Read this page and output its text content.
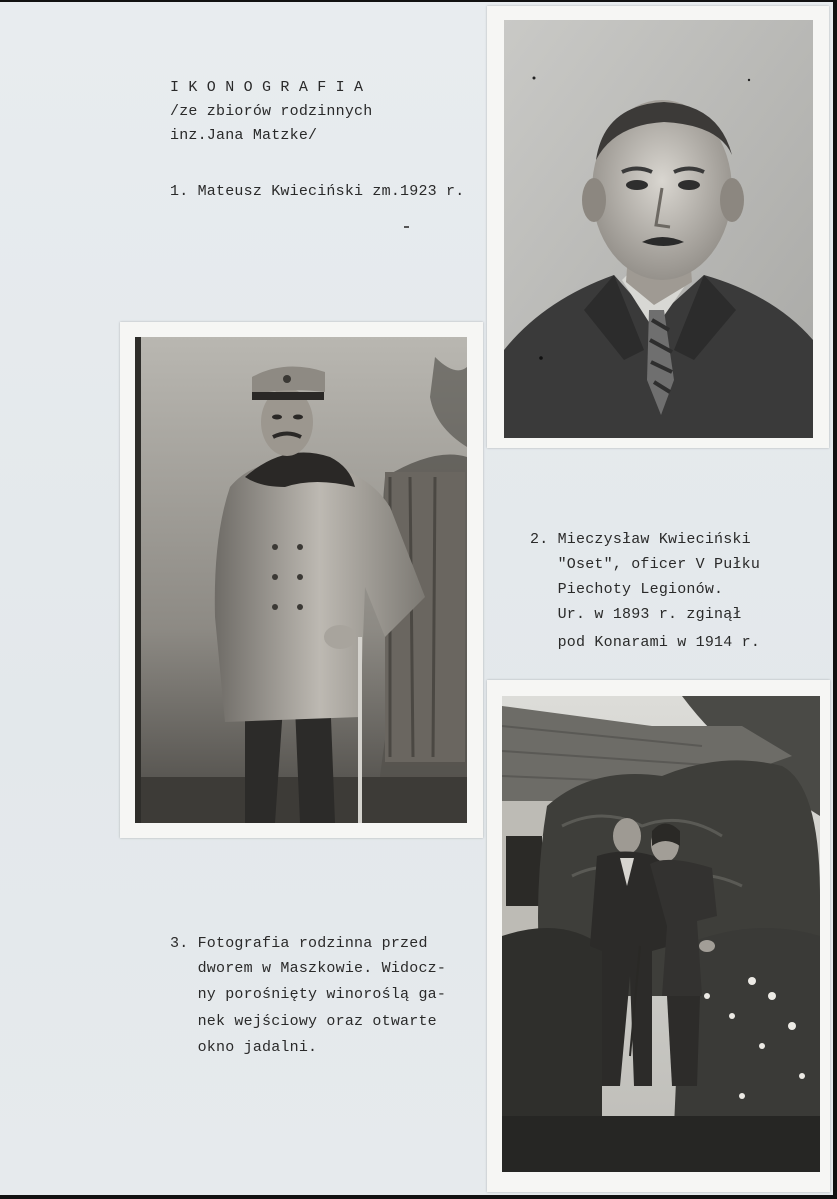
I K O N O G R A F I A
/ze zbiorów rodzinnych
inz.Jana Matzke/
1. Mateusz Kwieciński zm.1923 r.
2. Mieczysław Kwieciński
"Oset", oficer V Pułku
Piechoty Legionów.
Ur. w 1893 r. zginął
pod Konarami w 1914 r.
3. Fotografia rodzinna przed
dworem w Maszkowie. Widocz-
ny porośnięty winoroślą ga-
nek wejściowy oraz otwarte
okno jadalni.
